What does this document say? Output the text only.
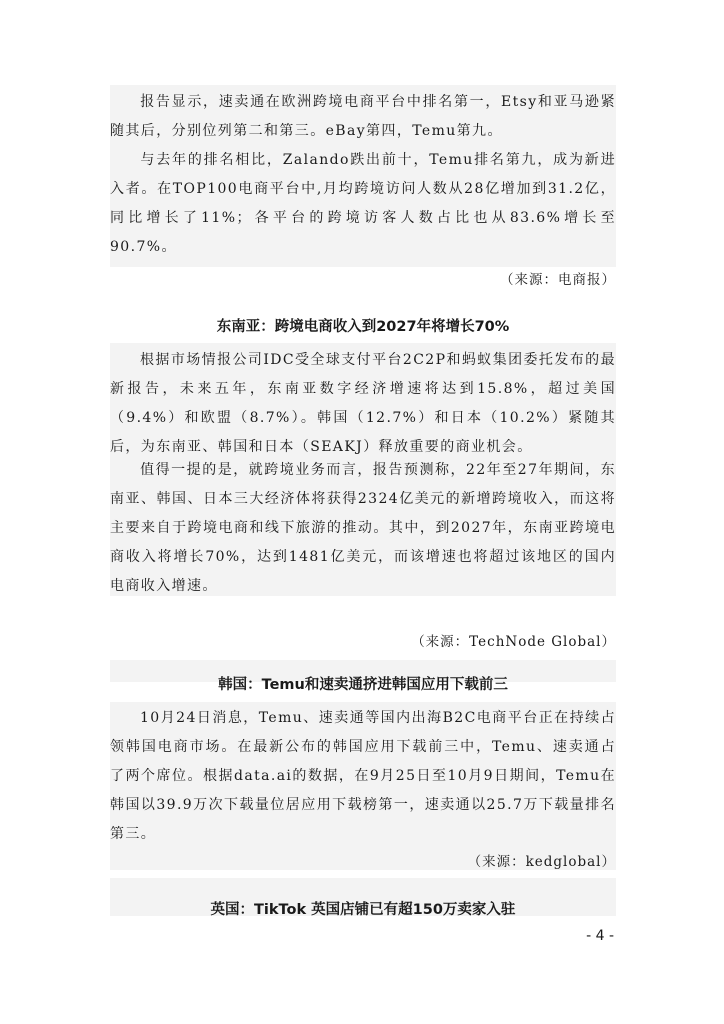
报告显示，速卖通在欧洲跨境电商平台中排名第一，Etsy和亚马逊紧随其后，分别位列第二和第三。eBay第四，Temu第九。

与去年的排名相比，Zalando跌出前十，Temu排名第九，成为新进入者。在TOP100电商平台中,月均跨境访问人数从28亿增加到31.2亿，同比增长了11%；各平台的跨境访客人数占比也从83.6%增长至90.7%。

（来源：电商报）
东南亚：跨境电商收入到2027年将增长70%

根据市场情报公司IDC受全球支付平台2C2P和蚂蚁集团委托发布的最新报告，未来五年，东南亚数字经济增速将达到15.8%，超过美国（9.4%）和欧盟（8.7%）。韩国（12.7%）和日本（10.2%）紧随其后，为东南亚、韩国和日本（SEAKJ）释放重要的商业机会。

值得一提的是，就跨境业务而言，报告预测称，22年至27年期间，东南亚、韩国、日本三大经济体将获得2324亿美元的新增跨境收入，而这将主要来自于跨境电商和线下旅游的推动。其中，到2027年，东南亚跨境电商收入将增长70%，达到1481亿美元，而该增速也将超过该地区的国内电商收入增速。

（来源：TechNode Global）
韩国：Temu和速卖通挤进韩国应用下载前三

10月24日消息，Temu、速卖通等国内出海B2C电商平台正在持续占领韩国电商市场。在最新公布的韩国应用下载前三中，Temu、速卖通占了两个席位。根据data.ai的数据，在9月25日至10月9日期间，Temu在韩国以39.9万次下载量位居应用下载榜第一，速卖通以25.7万下载量排名第三。

（来源：kedglobal）
英国：TikTok 英国店铺已有超150万卖家入驻
- 4 -
